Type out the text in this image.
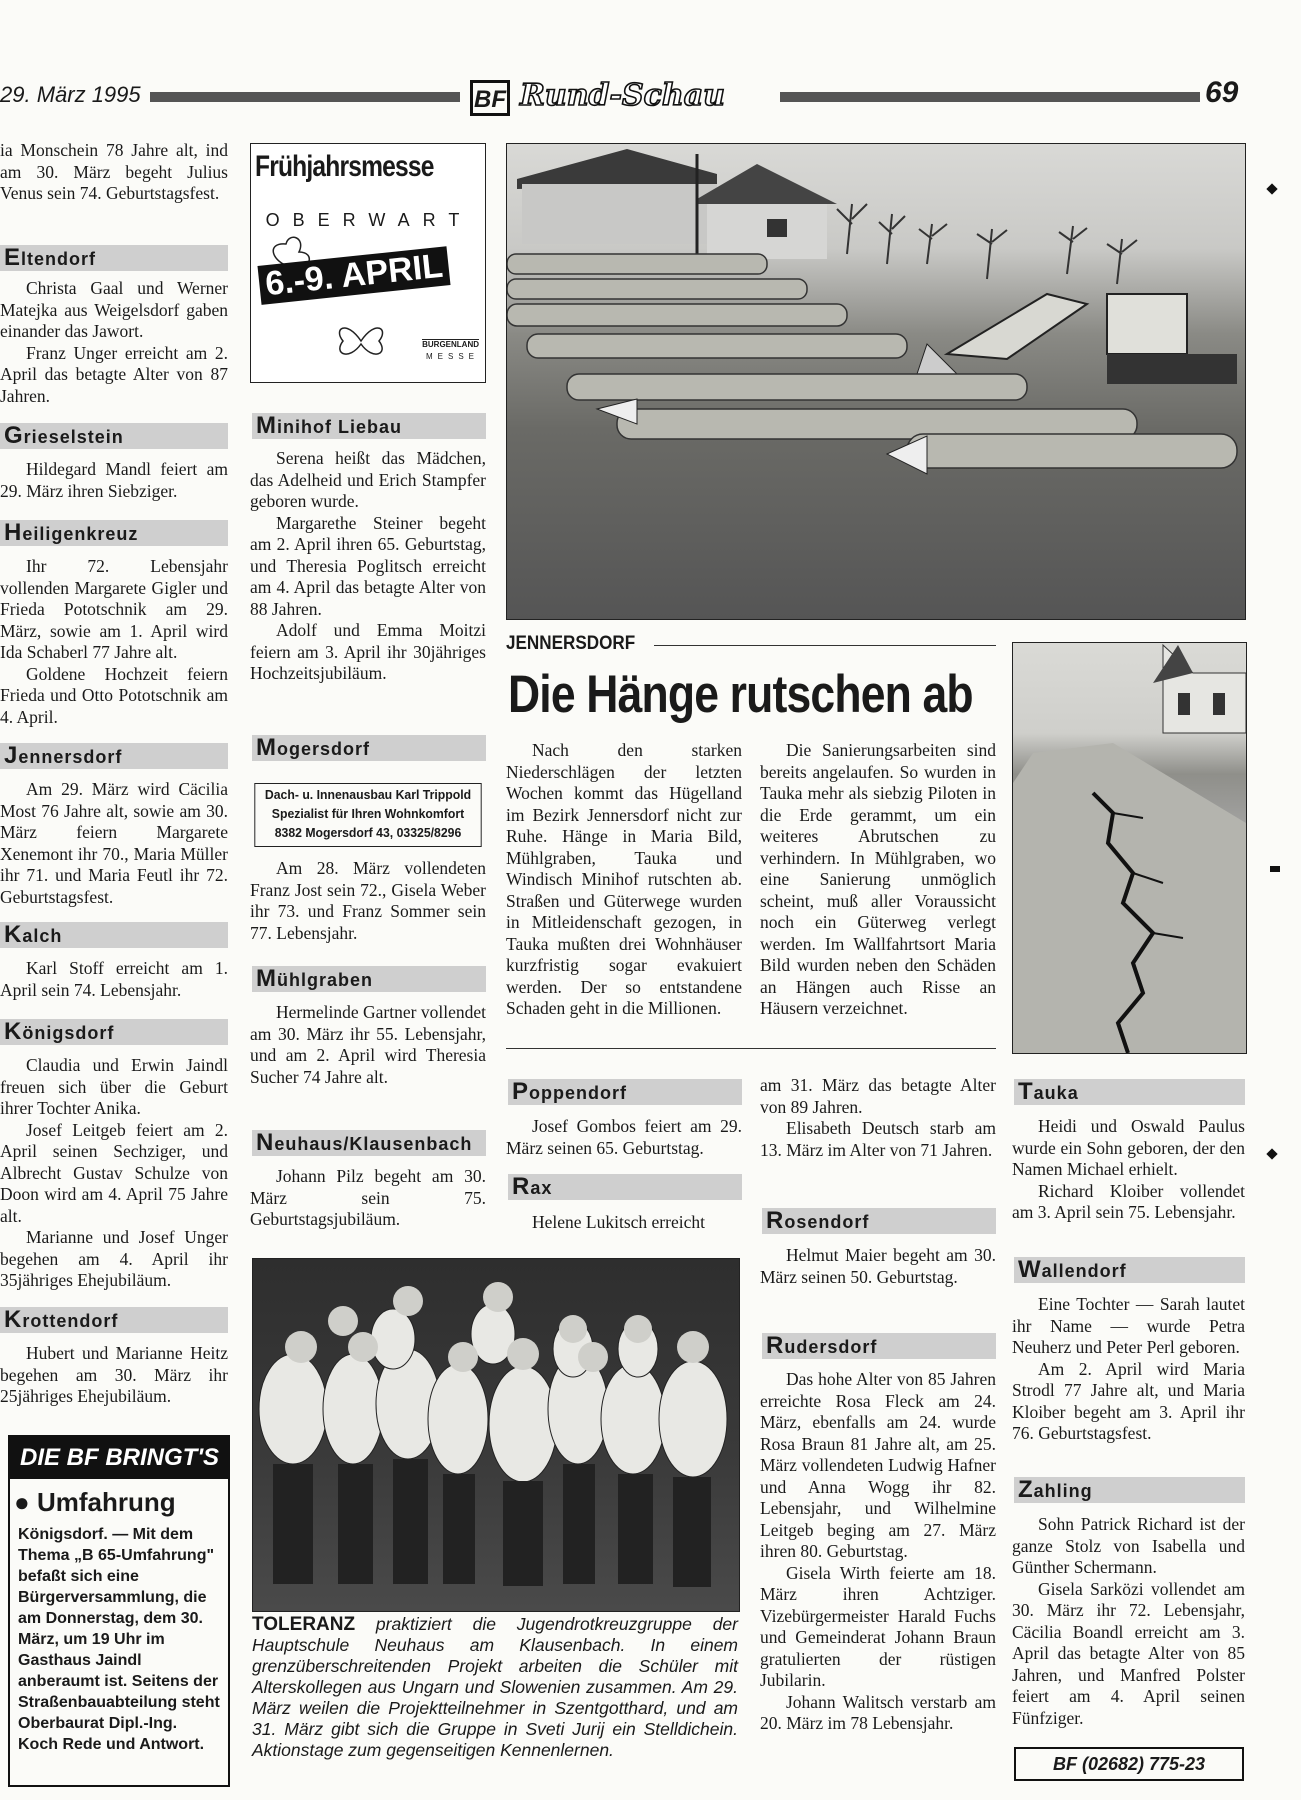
29. März 1995	BF Rund-Schau	69

ia Monschein 78 Jahre alt, ind am 30. März begeht Julius Venus sein 74. Geburtstagsfest.

Eltendorf

Christa Gaal und Werner Matejka aus Weigelsdorf gaben einander das Jawort.

Franz Unger erreicht am 2. April das betagte Alter von 87 Jahren.

Grieselstein

Hildegard Mandl feiert am 29. März ihren Siebziger.

Heiligenkreuz

Ihr 72. Lebensjahr vollenden Margarete Gigler und Frieda Pototschnik am 29. März, sowie am 1. April wird Ida Schaberl 77 Jahre alt.

Goldene Hochzeit feiern Frieda und Otto Pototschnik am 4. April.

Jennersdorf

Am 29. März wird Cäcilia Most 76 Jahre alt, sowie am 30. März feiern Margarete Xenemont ihr 70., Maria Müller ihr 71. und Maria Feutl ihr 72. Geburtstagsfest.

Kalch

Karl Stoff erreicht am 1. April sein 74. Lebensjahr.

Königsdorf

Claudia und Erwin Jaindl freuen sich über die Geburt ihrer Tochter Anika.

Josef Leitgeb feiert am 2. April seinen Sechziger, und Albrecht Gustav Schulze von Doon wird am 4. April 75 Jahre alt.

Marianne und Josef Unger begehen am 4. April ihr 35jähriges Ehejubiläum.

Krottendorf

Hubert und Marianne Heitz begehen am 30. März ihr 25jähriges Ehejubiläum.

DIE BF BRINGT'S
● Umfahrung
Königsdorf. — Mit dem Thema „B 65-Umfahrung" befaßt sich eine Bürgerversammlung, die am Donnerstag, dem 30. März, um 19 Uhr im Gasthaus Jaindl anberaumt ist. Seitens der Straßenbauabteilung steht Oberbaurat Dipl.-Ing. Koch Rede und Antwort.
Frühjahrsmesse
OBERWART
6.-9. APRIL
BURGENLAND
MESSE
Minihof Liebau

Serena heißt das Mädchen, das Adelheid und Erich Stampfer geboren wurde.

Margarethe Steiner begeht am 2. April ihren 65. Geburtstag, und Theresia Poglitsch erreicht am 4. April das betagte Alter von 88 Jahren.

Adolf und Emma Moitzi feiern am 3. April ihr 30jähriges Hochzeitsjubiläum.

Mogersdorf
Dach- u. Innenausbau Karl Trippold
Spezialist für Ihren Wohnkomfort
8382 Mogersdorf 43, 03325/8296

Am 28. März vollendeten Franz Jost sein 72., Gisela Weber ihr 73. und Franz Sommer sein 77. Lebensjahr.

Mühlgraben

Hermelinde Gartner vollendet am 30. März ihr 55. Lebensjahr, und am 2. April wird Theresia Sucher 74 Jahre alt.

Neuhaus/Klausenbach

Johann Pilz begeht am 30. März sein 75. Geburtstagsjubiläum.

JENNERSDORF
Die Hänge rutschen ab

Nach den starken Niederschlägen der letzten Wochen kommt das Hügelland im Bezirk Jennersdorf nicht zur Ruhe. Hänge in Maria Bild, Mühlgraben, Tauka und Windisch Minihof rutschten ab. Straßen und Güterwege wurden in Mitleidenschaft gezogen, in Tauka mußten drei Wohnhäuser kurzfristig sogar evakuiert werden. Der so entstandene Schaden geht in die Millionen.

Die Sanierungsarbeiten sind bereits angelaufen. So wurden in Tauka mehr als siebzig Piloten in die Erde gerammt, um ein weiteres Abrutschen zu verhindern. In Mühlgraben, wo eine Sanierung unmöglich scheint, muß aller Voraussicht noch ein Güterweg verlegt werden. Im Wallfahrtsort Maria Bild wurden neben den Schäden an Hängen auch Risse an Häusern verzeichnet.

Poppendorf

Josef Gombos feiert am 29. März seinen 65. Geburtstag.

Rax

Helene Lukitsch erreicht

am 31. März das betagte Alter von 89 Jahren.

Elisabeth Deutsch starb am 13. März im Alter von 71 Jahren.

Rosendorf

Helmut Maier begeht am 30. März seinen 50. Geburtstag.

Rudersdorf

Das hohe Alter von 85 Jahren erreichte Rosa Fleck am 24. März, ebenfalls am 24. wurde Rosa Braun 81 Jahre alt, am 25. März vollendeten Ludwig Hafner und Anna Wogg ihr 82. Lebensjahr, und Wilhelmine Leitgeb beging am 27. März ihren 80. Geburtstag.

Gisela Wirth feierte am 18. März ihren Achtziger. Vizebürgermeister Harald Fuchs und Gemeinderat Johann Braun gratulierten der rüstigen Jubilarin.

Johann Walitsch verstarb am 20. März im 78 Lebensjahr.

Tauka

Heidi und Oswald Paulus wurde ein Sohn geboren, der den Namen Michael erhielt.

Richard Kloiber vollendet am 3. April sein 75. Lebensjahr.

Wallendorf

Eine Tochter — Sarah lautet ihr Name — wurde Petra Neuherz und Peter Perl geboren.

Am 2. April wird Maria Strodl 77 Jahre alt, und Maria Kloiber begeht am 3. April ihr 76. Geburtstagsfest.

Zahling

Sohn Patrick Richard ist der ganze Stolz von Isabella und Günther Schermann.

Gisela Sarközi vollendet am 30. März ihr 72. Lebensjahr, Cäcilia Boandl erreicht am 3. April das betagte Alter von 85 Jahren, und Manfred Polster feiert am 4. April seinen Fünfziger.

BF (02682) 775-23
TOLERANZ praktiziert die Jugendrotkreuzgruppe der Hauptschule Neuhaus am Klausenbach. In einem grenzüberschreitenden Projekt arbeiten die Schüler mit Alterskollegen aus Ungarn und Slowenien zusammen. Am 29. März weilen die Projektteilnehmer in Szentgotthard, und am 31. März gibt sich die Gruppe in Sveti Jurij ein Stelldichein. Aktionstage zum gegenseitigen Kennenlernen.
